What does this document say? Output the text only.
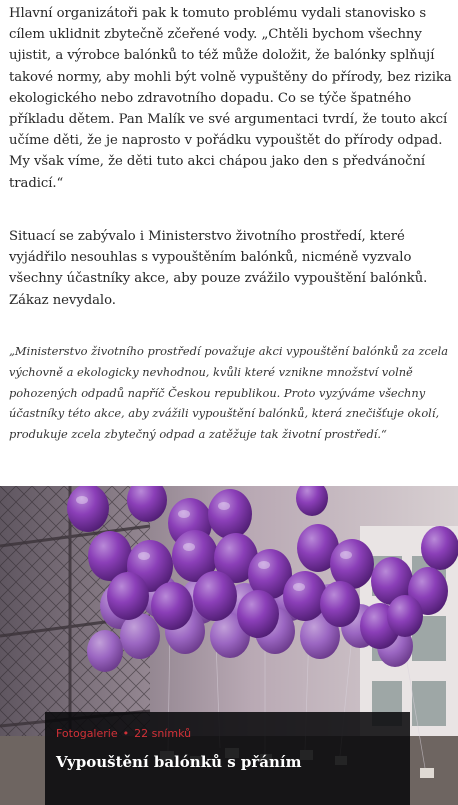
Hlavní organizátoři pak k tomuto problému vydali stanovisko s cílem uklidnit zbytečně zčeřené vody. „Chtěli bychom všechny ujistit, a výrobce balónků to též může doložit, že balónky splňují takové normy, aby mohli být volně vypuštěny do přírody, bez rizika ekologického nebo zdravotního dopadu. Co se týče špatného příkladu dětem. Pan Malík ve své argumentaci tvrdí, že touto akcí učíme děti, že je naprosto v pořádku vypouštět do přírody odpad. My však víme, že děti tuto akci chápou jako den s předvánoční tradicí.“

Situací se zabývalo i Ministerstvo životního prostředí, které vyjádřilo nesouhlas s vypouštěním balónků, nicméně vyzvalo všechny účastníky akce, aby pouze zvážilo vypouštění balónků. Zákaz nevydalo.

„Ministerstvo životního prostředí považuje akci vypouštění balónků za zcela výchovně a ekologicky nevhodnou, kvůli které vznikne množství volně pohozených odpadů napříč Českou republikou. Proto vyzýváme všechny účastníky této akce, aby zvážili vypouštění balónků, která znečišťuje okolí, produkuje zcela zbytečný odpad a zatěžuje tak životní prostředí.“

Fotogalerie • 22 snímků
Vypouštění balónků s přáním
